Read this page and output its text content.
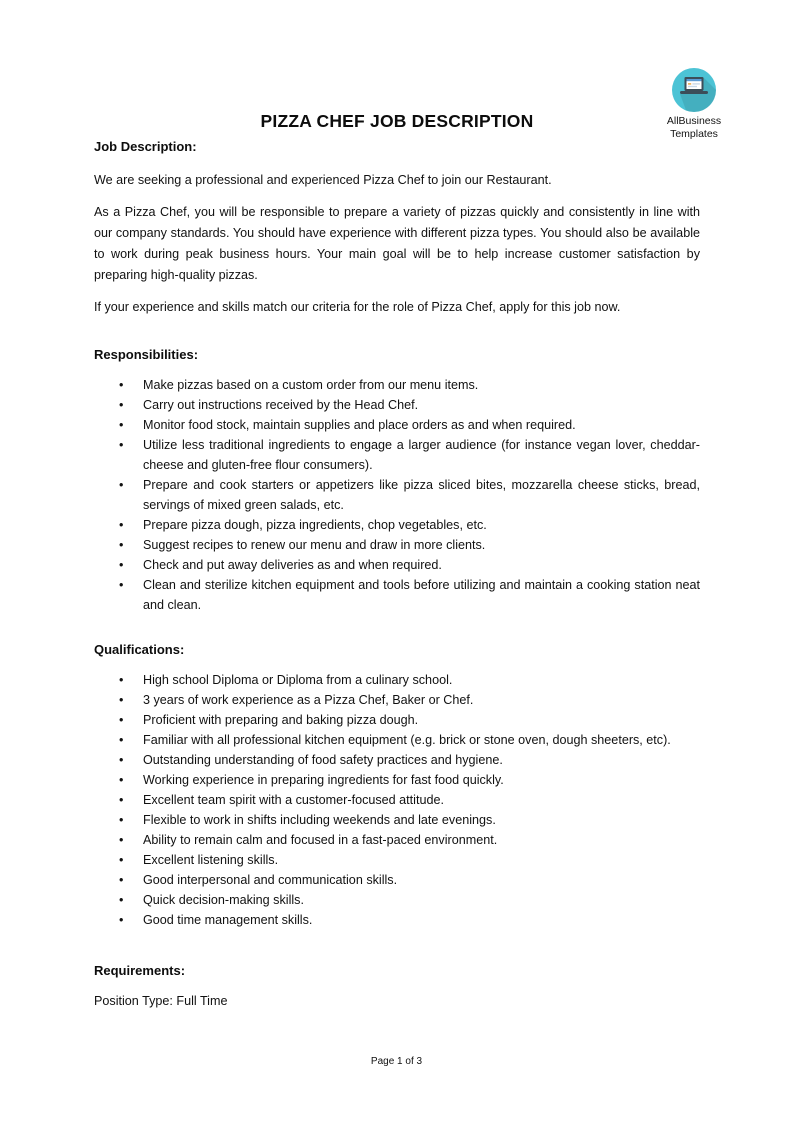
AllBusiness
Templates
PIZZA CHEF JOB DESCRIPTION
Job Description:

We are seeking a professional and experienced Pizza Chef to join our Restaurant.

As a Pizza Chef, you will be responsible to prepare a variety of pizzas quickly and consistently in line with our company standards. You should have experience with different pizza types. You should also be available to work during peak business hours. Your main goal will be to help increase customer satisfaction by preparing high-quality pizzas.

If your experience and skills match our criteria for the role of Pizza Chef, apply for this job now.

Responsibilities:
•	Make pizzas based on a custom order from our menu items.
•	Carry out instructions received by the Head Chef.
•	Monitor food stock, maintain supplies and place orders as and when required.
•	Utilize less traditional ingredients to engage a larger audience (for instance vegan lover, cheddar-cheese and gluten-free flour consumers).
•	Prepare and cook starters or appetizers like pizza sliced bites, mozzarella cheese sticks, bread, servings of mixed green salads, etc.
•	Prepare pizza dough, pizza ingredients, chop vegetables, etc.
•	Suggest recipes to renew our menu and draw in more clients.
•	Check and put away deliveries as and when required.
•	Clean and sterilize kitchen equipment and tools before utilizing and maintain a cooking station neat and clean.
Qualifications:
•	High school Diploma or Diploma from a culinary school.
•	3 years of work experience as a Pizza Chef, Baker or Chef.
•	Proficient with preparing and baking pizza dough.
•	Familiar with all professional kitchen equipment (e.g. brick or stone oven, dough sheeters, etc).
•	Outstanding understanding of food safety practices and hygiene.
•	Working experience in preparing ingredients for fast food quickly.
•	Excellent team spirit with a customer-focused attitude.
•	Flexible to work in shifts including weekends and late evenings.
•	Ability to remain calm and focused in a fast-paced environment.
•	Excellent listening skills.
•	Good interpersonal and communication skills.
•	Quick decision-making skills.
•	Good time management skills.
Requirements:

Position Type: Full Time

Page 1 of 3
